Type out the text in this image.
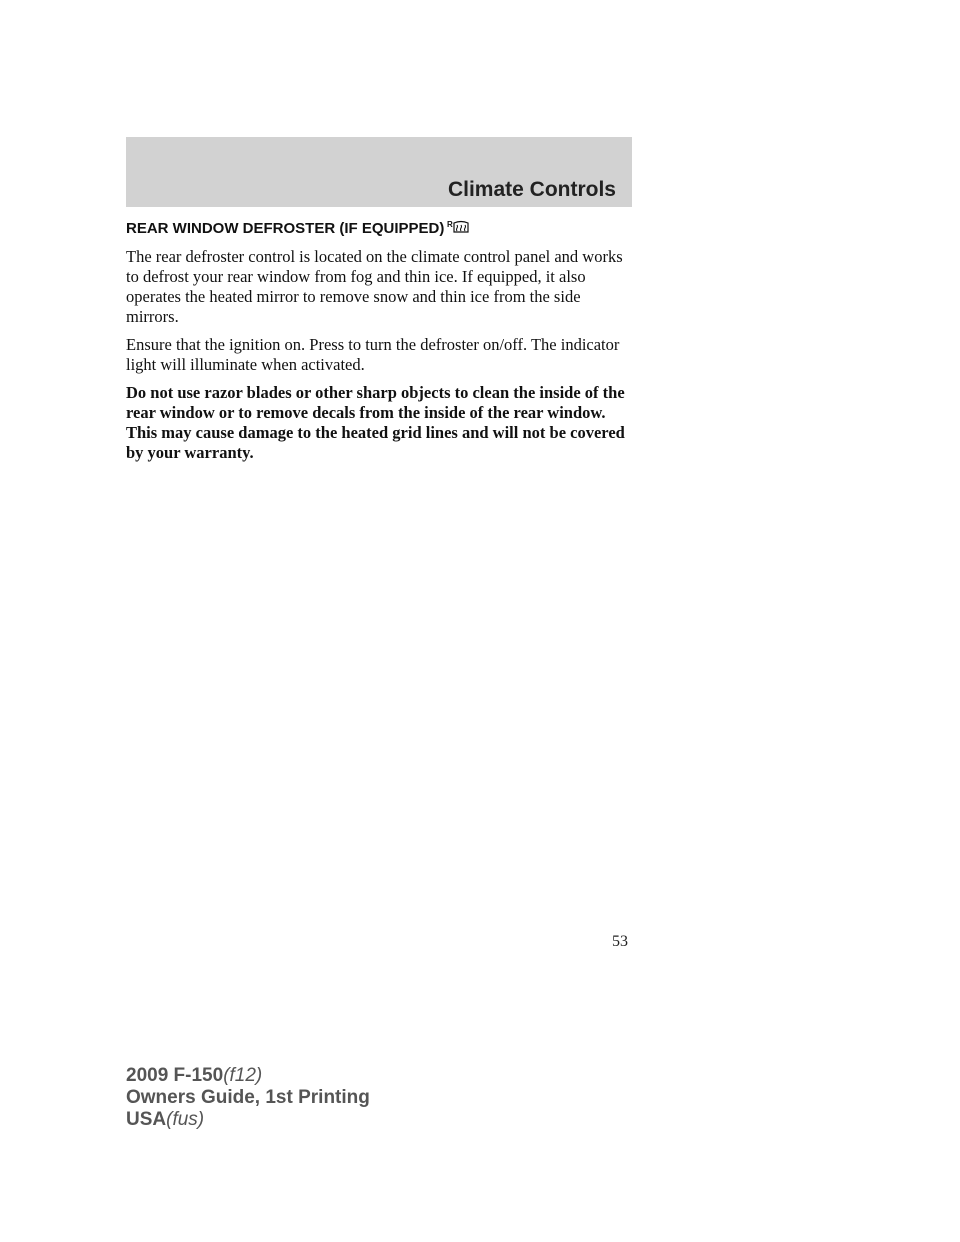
Climate Controls
REAR WINDOW DEFROSTER (IF EQUIPPED) R

The rear defroster control is located on the climate control panel and works to defrost your rear window from fog and thin ice. If equipped, it also operates the heated mirror to remove snow and thin ice from the side mirrors.

Ensure that the ignition on. Press to turn the defroster on/off. The indicator light will illuminate when activated.

Do not use razor blades or other sharp objects to clean the inside of the rear window or to remove decals from the inside of the rear window. This may cause damage to the heated grid lines and will not be covered by your warranty.

53
2009 F-150(f12)
Owners Guide, 1st Printing
USA(fus)
